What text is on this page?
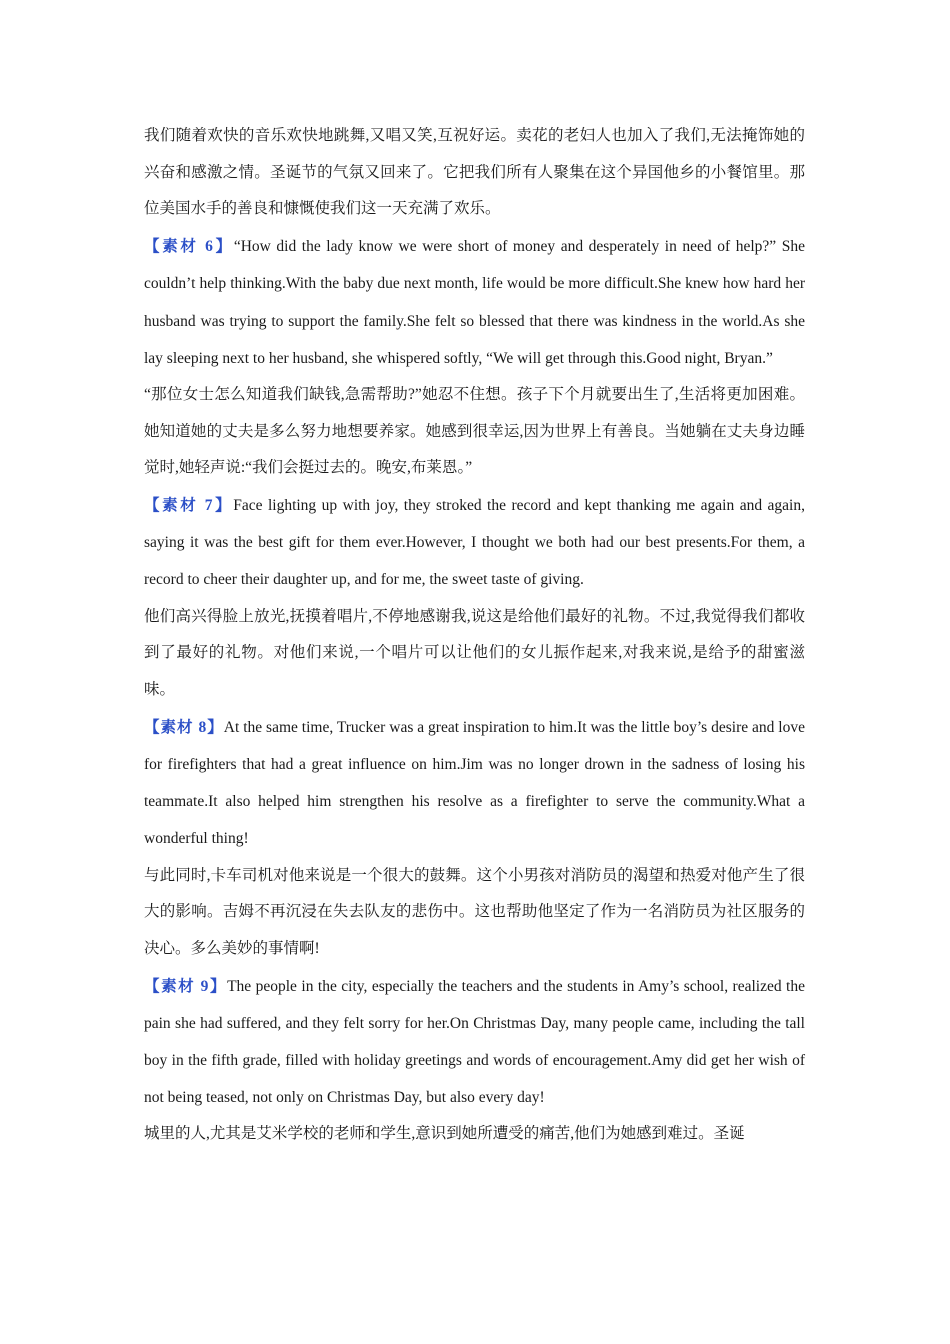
我们随着欢快的音乐欢快地跳舞,又唱又笑,互祝好运。卖花的老妇人也加入了我们,无法掩饰她的兴奋和感激之情。圣诞节的气氛又回来了。它把我们所有人聚集在这个异国他乡的小餐馆里。那位美国水手的善良和慷慨使我们这一天充满了欢乐。

【素材 6】“How did the lady know we were short of money and desperately in need of help?” She couldn’t help thinking.With the baby due next month, life would be more difficult.She knew how hard her husband was trying to support the family.She felt so blessed that there was kindness in the world.As she lay sleeping next to her husband, she whispered softly, “We will get through this.Good night, Bryan.”

“那位女士怎么知道我们缺钱,急需帮助?”她忍不住想。孩子下个月就要出生了,生活将更加困难。她知道她的丈夫是多么努力地想要养家。她感到很幸运,因为世界上有善良。当她躺在丈夫身边睡觉时,她轻声说:“我们会挺过去的。晚安,布莱恩。”

【素材 7】Face lighting up with joy, they stroked the record and kept thanking me again and again, saying it was the best gift for them ever.However, I thought we both had our best presents.For them, a record to cheer their daughter up, and for me, the sweet taste of giving.

他们高兴得脸上放光,抚摸着唱片,不停地感谢我,说这是给他们最好的礼物。不过,我觉得我们都收到了最好的礼物。对他们来说,一个唱片可以让他们的女儿振作起来,对我来说,是给予的甜蜜滋味。

【素材 8】At the same time, Trucker was a great inspiration to him.It was the little boy’s desire and love for firefighters that had a great influence on him.Jim was no longer drown in the sadness of losing his teammate.It also helped him strengthen his resolve as a firefighter to serve the community.What a wonderful thing!

与此同时,卡车司机对他来说是一个很大的鼓舞。这个小男孩对消防员的渴望和热爱对他产生了很大的影响。吉姆不再沉浸在失去队友的悲伤中。这也帮助他坚定了作为一名消防员为社区服务的决心。多么美妙的事情啊!

【素材 9】The people in the city, especially the teachers and the students in Amy’s school, realized the pain she had suffered, and they felt sorry for her.On Christmas Day, many people came, including the tall boy in the fifth grade, filled with holiday greetings and words of encouragement.Amy did get her wish of not being teased, not only on Christmas Day, but also every day!

城里的人,尤其是艾米学校的老师和学生,意识到她所遭受的痛苦,他们为她感到难过。圣诞
